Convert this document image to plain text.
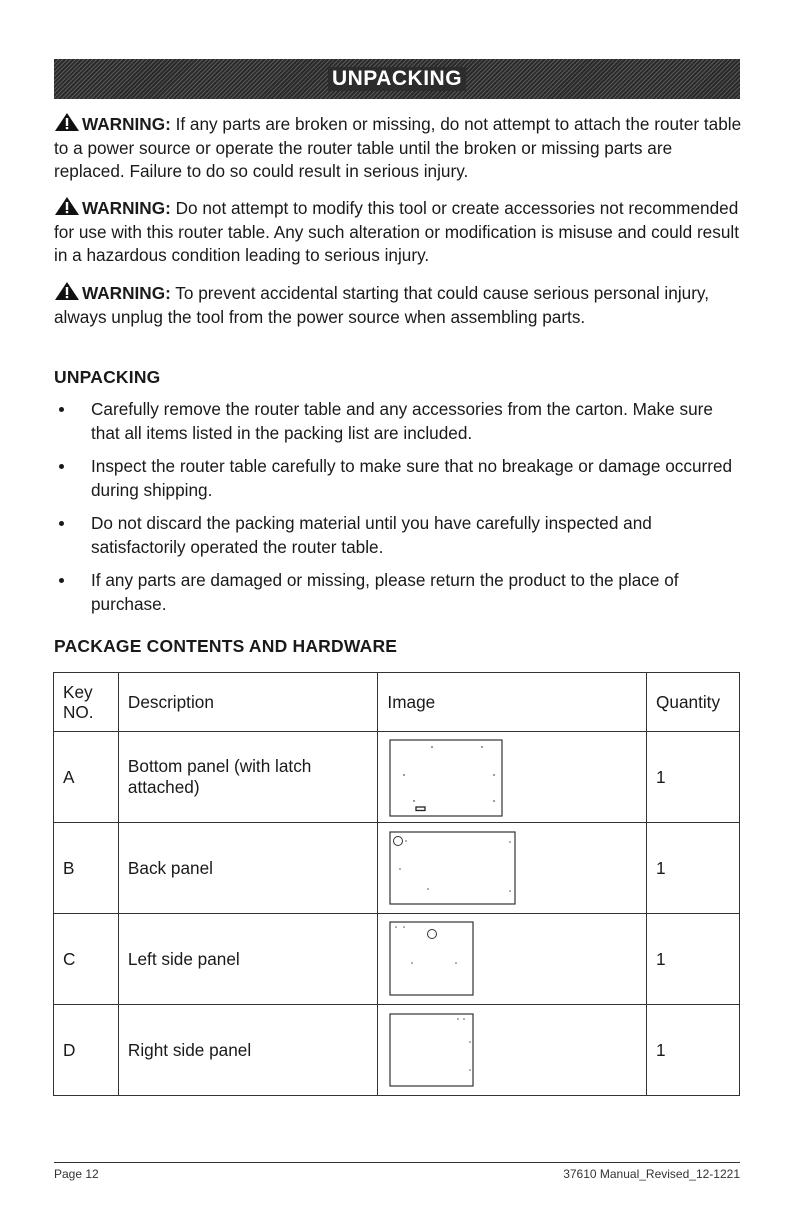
UNPACKING

WARNING: If any parts are broken or missing, do not attempt to attach the router table to a power source or operate the router table until the broken or missing parts are replaced. Failure to do so could result in serious injury.

WARNING: Do not attempt to modify this tool or create accessories not recommended for use with this router table. Any such alteration or modification is misuse and could result in a hazardous condition leading to serious injury.

WARNING: To prevent accidental starting that could cause serious personal injury, always unplug the tool from the power source when assembling parts.

UNPACKING
Carefully remove the router table and any accessories from the carton. Make sure that all items listed in the packing list are included.
Inspect the router table carefully to make sure that no breakage or damage occurred during shipping.
Do not discard the packing material until you have carefully inspected and satisfactorily operated the router table.
If any parts are damaged or missing, please return the product to the place of purchase.
PACKAGE CONTENTS AND HARDWARE
Key NO.	Description	Image	Quantity
A	Bottom panel (with latch attached)		1
B	Back panel		1
C	Left side panel		1
D	Right side panel		1
Page 12	37610 Manual_Revised_12-1221
